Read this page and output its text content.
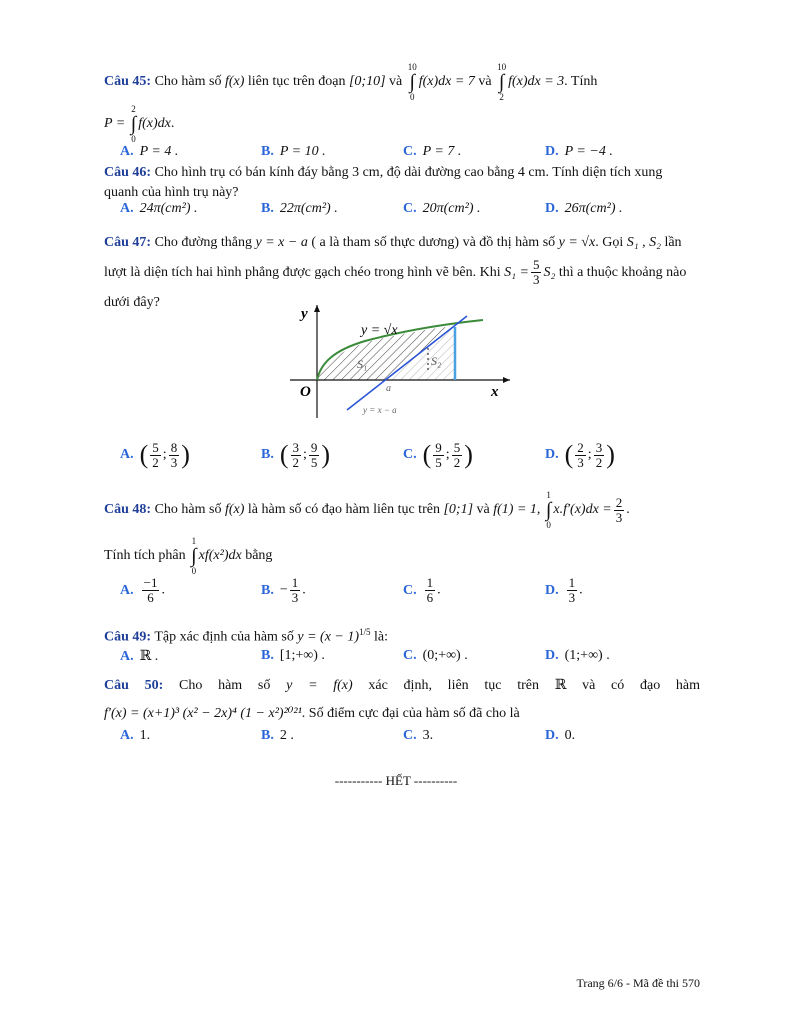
Câu 45: Cho hàm số f(x) liên tục trên đoạn [0;10] và
10
∫
0
f(x)dx = 7 và
10
∫
2
f(x)dx = 3. Tính
P =
2
∫
0
f(x)dx.
A. P = 4 .	B. P = 10 .	C. P = 7 .	D. P = −4 .
Câu 46: Cho hình trụ có bán kính đáy bằng 3 cm, độ dài đường cao bằng 4 cm. Tính diện tích xung quanh của hình trụ này?
A. 24π(cm²) .	B. 22π(cm²) .	C. 20π(cm²) .	D. 26π(cm²) .
Câu 47: Cho đường thẳng y = x − a ( a là tham số thực dương) và đồ thị hàm số y = √x. Gọi S₁ , S₂ lần lượt là diện tích hai hình phẳng được gạch chéo trong hình vẽ bên. Khi $S_1 = \frac{5}{3} S_2$ thì a thuộc khoảng nào dưới đây?
y
x
O
y = √x
S₁	S₂
a
y = x − a
A. ( $\frac{5}{2}$ ; $\frac{8}{3}$ )	B. ( $\frac{3}{2}$ ; $\frac{9}{5}$ )	C. ( $\frac{9}{5}$ ; $\frac{5}{2}$ )	D. ( $\frac{2}{3}$ ; $\frac{3}{2}$ )
Câu 48: Cho hàm số f(x) là hàm số có đạo hàm liên tục trên [0;1] và f(1) = 1,
1
∫
0
$x.f'(x)dx = \frac{2}{3}$ .
Tính tích phân
1
∫
0
xf(x²)dx bằng
A. $\frac{-1}{6}$ .	B. − $\frac{1}{3}$ .	C. $\frac{1}{6}$ .	D. $\frac{1}{3}$ .
Câu 49: Tập xác định của hàm số $y = (x - 1)^{1/5}$ là:
A. ℝ .	B. [1;+∞) .	C. (0;+∞) .	D. (1;+∞) .
Câu 50: Cho hàm số y = f(x) xác định, liên tục trên ℝ và có đạo hàm
f′(x) = (x+1)³ (x² − 2x)⁴ (1 − x²)²⁰²¹. Số điểm cực đại của hàm số đã cho là
A. 1.	B. 2 .	C. 3.	D. 0.
----------- HẾT ----------
Trang 6/6 - Mã đề thi 570
